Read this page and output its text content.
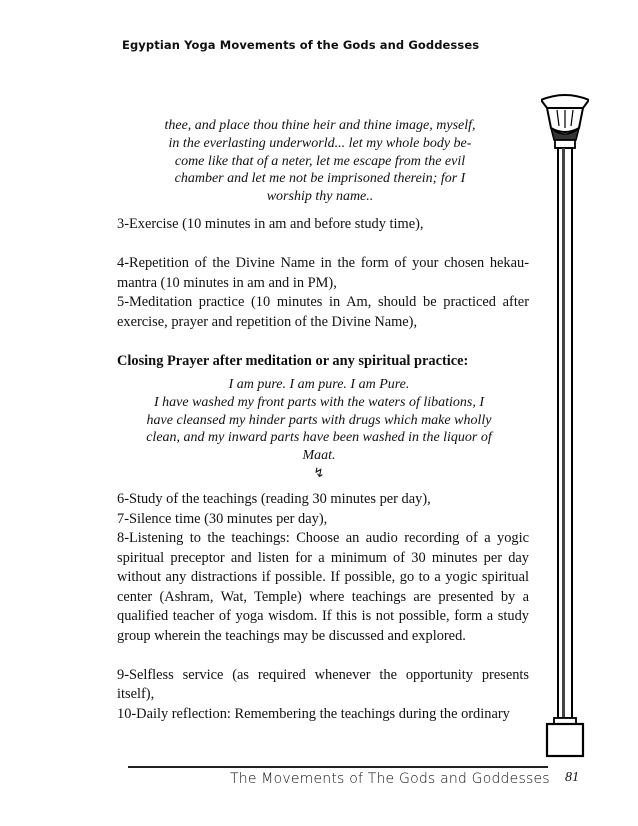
Egyptian Yoga Movements of the Gods and Goddesses
thee, and place thou thine heir and thine image, myself,
in the everlasting underworld... let my whole body be-
come like that of a neter, let me escape from the evil
chamber and let me not be imprisoned therein; for I
worship thy name..

3-Exercise (10 minutes in am and before study time),

4-Repetition of the Divine Name in the form of your chosen hekau-mantra (10 minutes in am and in PM),

5-Meditation practice (10 minutes in Am, should be practiced after exercise, prayer and repetition of the Divine Name),

Closing Prayer after meditation or any spiritual practice:

I am pure. I am pure. I am Pure.
I have washed my front parts with the waters of libations, I
have cleansed my hinder parts with drugs which make wholly
clean, and my inward parts have been washed in the liquor of
Maat.
↯

6-Study of the teachings (reading 30 minutes per day),

7-Silence time (30 minutes per day),

8-Listening to the teachings: Choose an audio recording of a yogic spiritual preceptor and listen for a minimum of 30 minutes per day without any distractions if possible. If possible, go to a yogic spiritual center (Ashram, Wat, Temple) where teachings are presented by a qualified teacher of yoga wisdom. If this is not possible, form a study group wherein the teachings may be discussed and explored.

9-Selfless service (as required whenever the opportunity presents itself),

10-Daily reflection: Remembering the teachings during the ordinary

The Movements of The Gods and Goddesses 81
